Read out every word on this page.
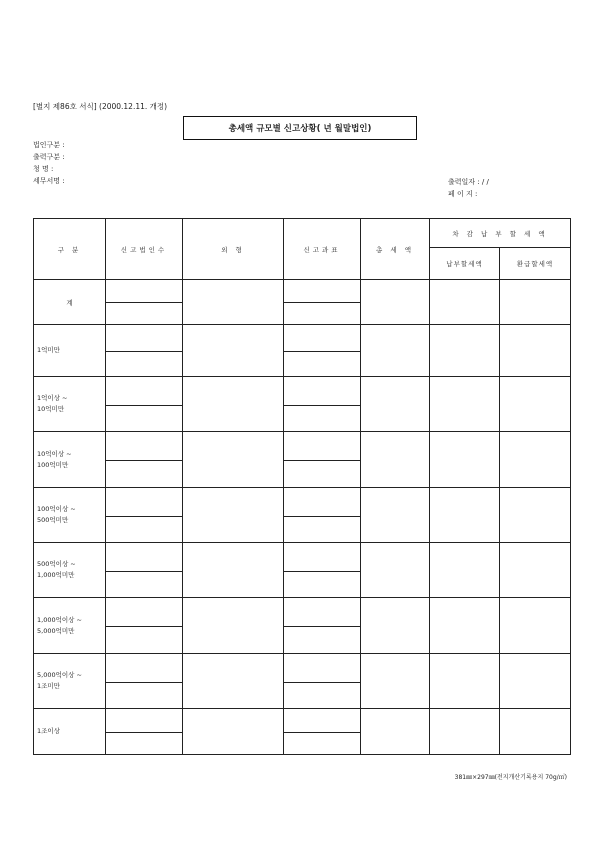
[별지 제86호 서식] (2000.12.11. 개정)
총세액 규모별 신고상황( 년 월말법인)
법인구분 :
출력구분 :
청 명 :
세무서명 :	출력일자 : / /
페 이 지 :
구 분	신고법인수	외 형	신고과표	총 세 액	차 감 납 부 할 세 액	
					납부할세액	환급할세액
계	

1억미만	

1억이상 ~
10억미만						

10억이상 ~
100억미만						

100억이상 ~
500억미만						

500억이상 ~
1,000억미만						

1,000억이상 ~
5,000억미만						

5,000억이상 ~
1조미만						

1조이상	

381㎜×297㎜(전지개산기록용지 70g/㎡)
